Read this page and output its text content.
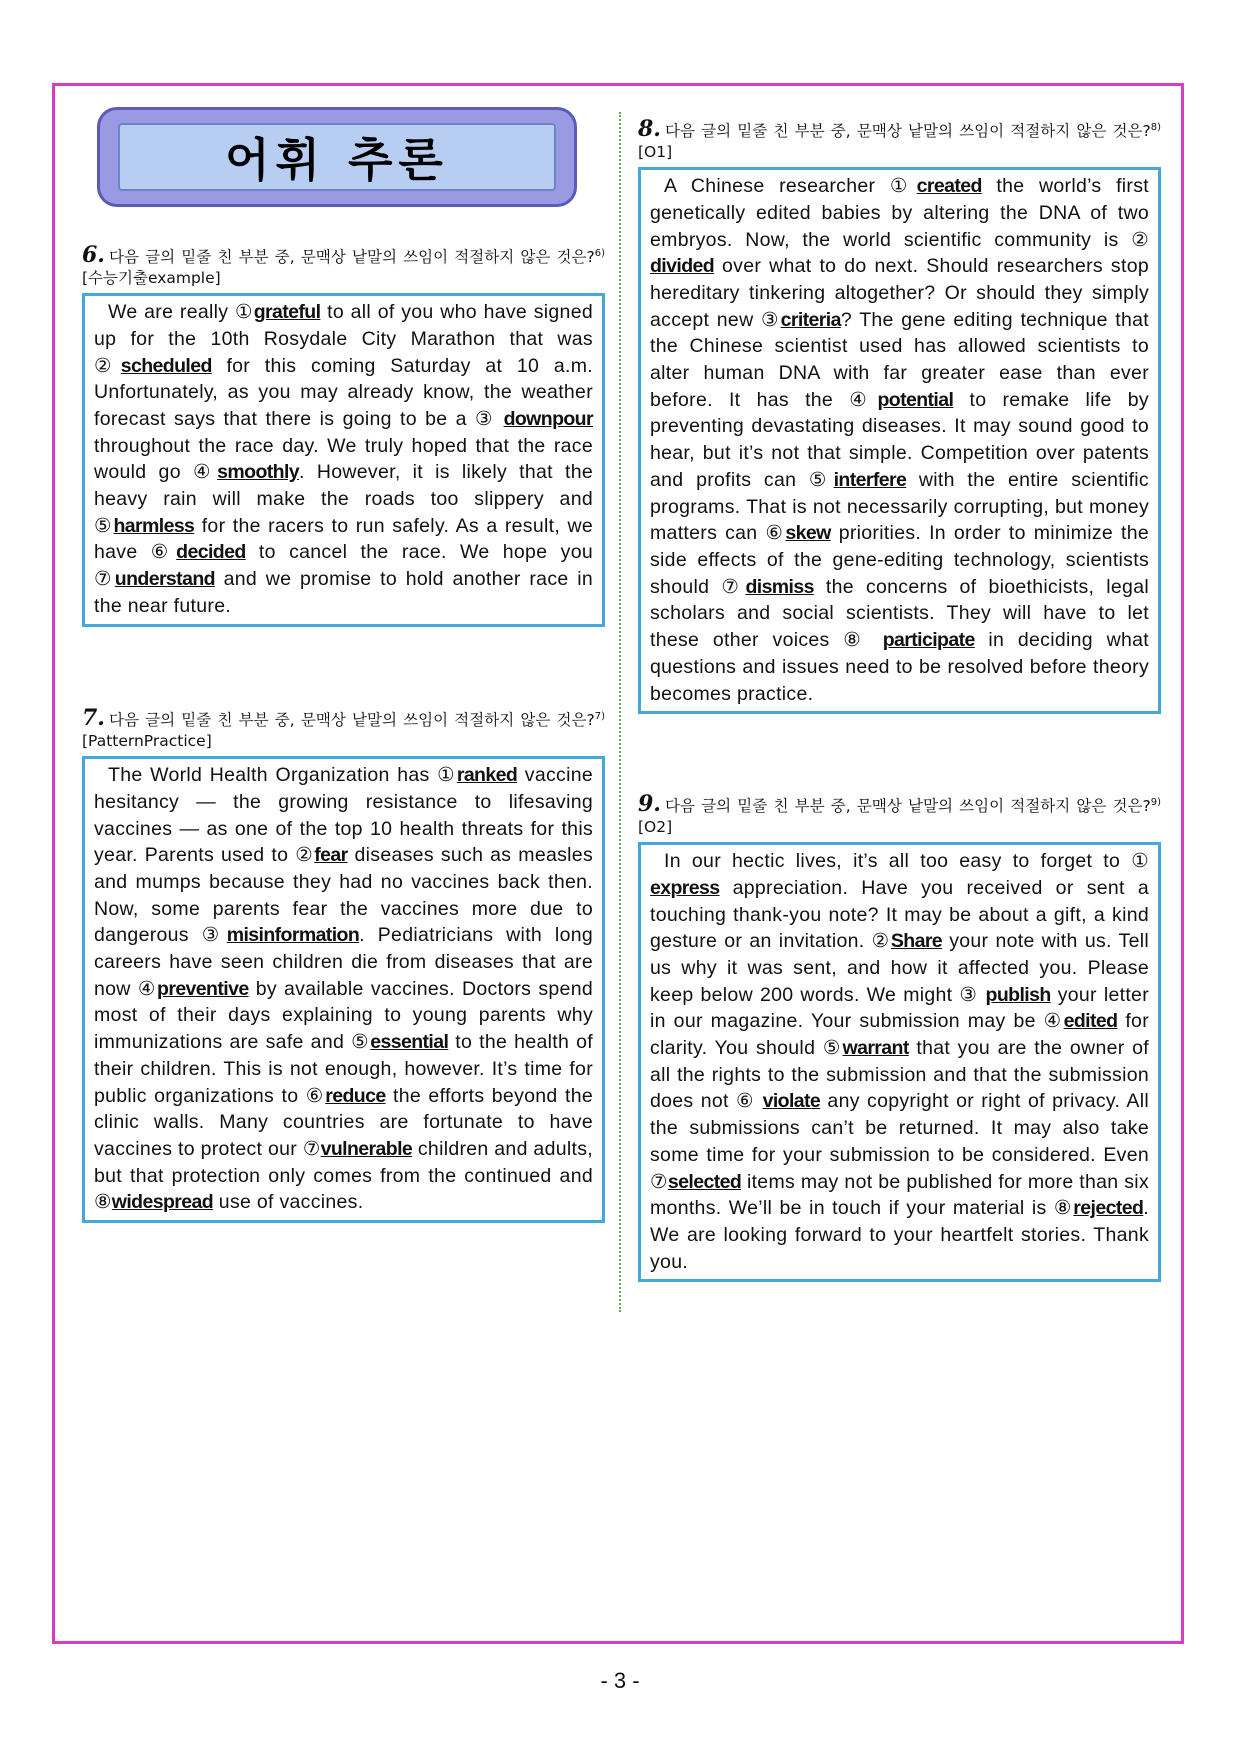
어휘 추론
6. 다음 글의 밑줄 친 부분 중, 문맥상 낱말의 쓰임이 적절하지 않은 것은?$^{6)}$ [수능기출example]
We are really ①grateful to all of you who have signed up for the 10th Rosydale City Marathon that was ②scheduled for this coming Saturday at 10 a.m. Unfortunately, as you may already know, the weather forecast says that there is going to be a ③ downpour throughout the race day. We truly hoped that the race would go ④smoothly. However, it is likely that the heavy rain will make the roads too slippery and ⑤harmless for the racers to run safely. As a result, we have ⑥decided to cancel the race. We hope you ⑦understand and we promise to hold another race in the near future.
7. 다음 글의 밑줄 친 부분 중, 문맥상 낱말의 쓰임이 적절하지 않은 것은?$^{7)}$ [PatternPractice]
The World Health Organization has ①ranked vaccine hesitancy — the growing resistance to lifesaving vaccines — as one of the top 10 health threats for this year. Parents used to ②fear diseases such as measles and mumps because they had no vaccines back then. Now, some parents fear the vaccines more due to dangerous ③misinformation. Pediatricians with long careers have seen children die from diseases that are now ④preventive by available vaccines. Doctors spend most of their days explaining to young parents why immunizations are safe and ⑤essential to the health of their children. This is not enough, however. It’s time for public organizations to ⑥reduce the efforts beyond the clinic walls. Many countries are fortunate to have vaccines to protect our ⑦vulnerable children and adults, but that protection only comes from the continued and ⑧widespread use of vaccines.
8. 다음 글의 밑줄 친 부분 중, 문맥상 낱말의 쓰임이 적절하지 않은 것은?$^{8)}$ [O1]
A Chinese researcher ①created the world’s first genetically edited babies by altering the DNA of two embryos. Now, the world scientific community is ② divided over what to do next. Should researchers stop hereditary tinkering altogether? Or should they simply accept new ③criteria? The gene editing technique that the Chinese scientist used has allowed scientists to alter human DNA with far greater ease than ever before. It has the ④potential to remake life by preventing devastating diseases. It may sound good to hear, but it’s not that simple. Competition over patents and profits can ⑤interfere with the entire scientific programs. That is not necessarily corrupting, but money matters can ⑥skew priorities. In order to minimize the side effects of the gene-editing technology, scientists should ⑦dismiss the concerns of bioethicists, legal scholars and social scientists. They will have to let these other voices ⑧ participate in deciding what questions and issues need to be resolved before theory becomes practice.
9. 다음 글의 밑줄 친 부분 중, 문맥상 낱말의 쓰임이 적절하지 않은 것은?$^{9)}$ [O2]
In our hectic lives, it’s all too easy to forget to ① express appreciation. Have you received or sent a touching thank-you note? It may be about a gift, a kind gesture or an invitation. ②Share your note with us. Tell us why it was sent, and how it affected you. Please keep below 200 words. We might ③ publish your letter in our magazine. Your submission may be ④edited for clarity. You should ⑤warrant that you are the owner of all the rights to the submission and that the submission does not ⑥ violate any copyright or right of privacy. All the submissions can’t be returned. It may also take some time for your submission to be considered. Even ⑦selected items may not be published for more than six months. We’ll be in touch if your material is ⑧rejected. We are looking forward to your heartfelt stories. Thank you.
- 3 -
